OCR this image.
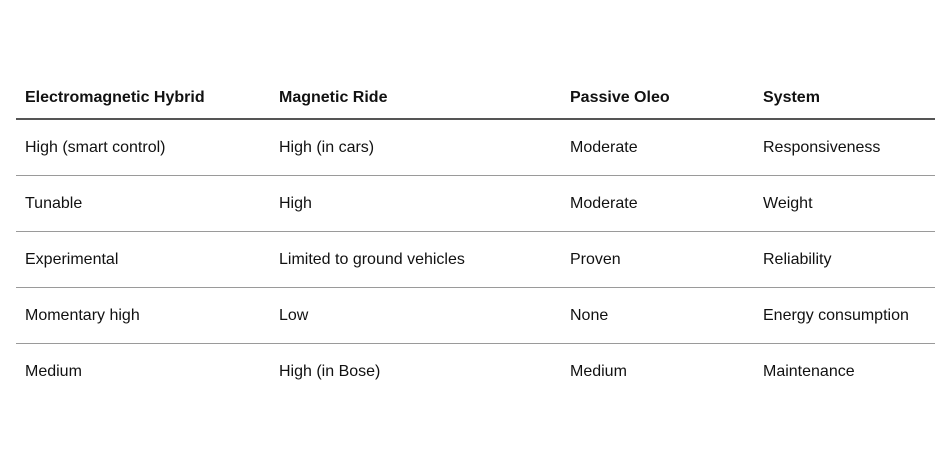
Electromagnetic Hybrid	Magnetic Ride	Passive Oleo	System
High (smart control)	High (in cars)	Moderate	Responsiveness
Tunable	High	Moderate	Weight
Experimental	Limited to ground vehicles	Proven	Reliability
Momentary high	Low	None	Energy consumption
Medium	High (in Bose)	Medium	Maintenance
